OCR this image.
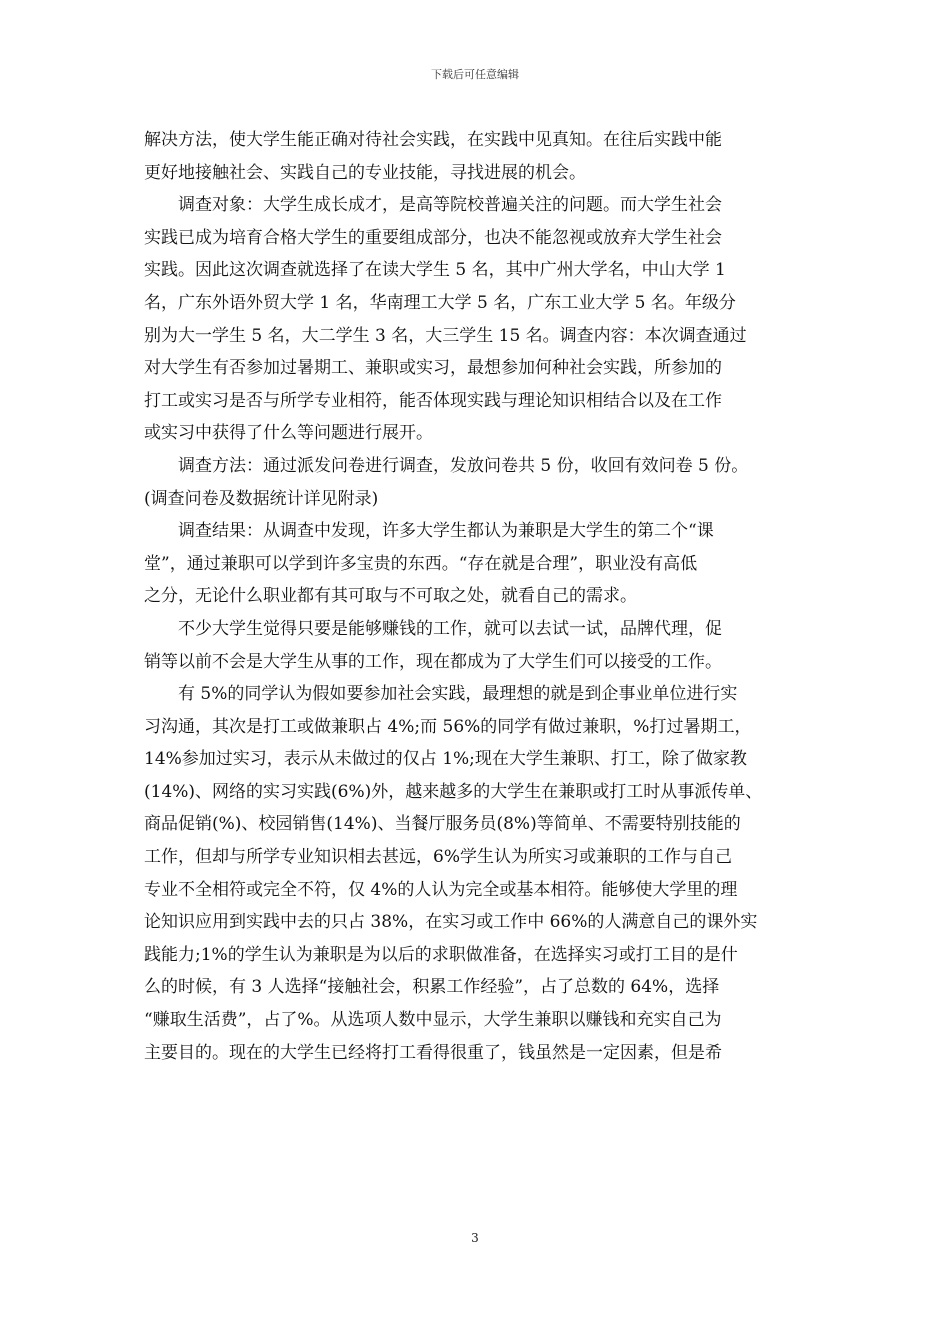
下载后可任意编辑

解决方法，使大学生能正确对待社会实践，在实践中见真知。在往后实践中能
更好地接触社会、实践自己的专业技能，寻找进展的机会。

调查对象：大学生成长成才，是高等院校普遍关注的问题。而大学生社会
实践已成为培育合格大学生的重要组成部分，也决不能忽视或放弃大学生社会
实践。因此这次调查就选择了在读大学生 5 名，其中广州大学名，中山大学 1
名，广东外语外贸大学 1 名，华南理工大学 5 名，广东工业大学 5 名。年级分
别为大一学生 5 名，大二学生 3 名，大三学生 15 名。调查内容：本次调查通过
对大学生有否参加过暑期工、兼职或实习，最想参加何种社会实践，所参加的
打工或实习是否与所学专业相符，能否体现实践与理论知识相结合以及在工作
或实习中获得了什么等问题进行展开。

调查方法：通过派发问卷进行调查，发放问卷共 5 份，收回有效问卷 5 份。
(调查问卷及数据统计详见附录)

调查结果：从调查中发现，许多大学生都认为兼职是大学生的第二个“课
堂”，通过兼职可以学到许多宝贵的东西。“存在就是合理”，职业没有高低
之分，无论什么职业都有其可取与不可取之处，就看自己的需求。

不少大学生觉得只要是能够赚钱的工作，就可以去试一试，品牌代理，促
销等以前不会是大学生从事的工作，现在都成为了大学生们可以接受的工作。

有 5%的同学认为假如要参加社会实践，最理想的就是到企事业单位进行实
习沟通，其次是打工或做兼职占 4%;而 56%的同学有做过兼职，%打过暑期工，
14%参加过实习，表示从未做过的仅占 1%;现在大学生兼职、打工，除了做家教
(14%)、网络的实习实践(6%)外，越来越多的大学生在兼职或打工时从事派传单、
商品促销(%)、校园销售(14%)、当餐厅服务员(8%)等简单、不需要特别技能的
工作，但却与所学专业知识相去甚远，6%学生认为所实习或兼职的工作与自己
专业不全相符或完全不符，仅 4%的人认为完全或基本相符。能够使大学里的理
论知识应用到实践中去的只占 38%，在实习或工作中 66%的人满意自己的课外实
践能力;1%的学生认为兼职是为以后的求职做准备，在选择实习或打工目的是什
么的时候，有 3 人选择“接触社会，积累工作经验”，占了总数的 64%，选择
“赚取生活费”，占了%。从选项人数中显示，大学生兼职以赚钱和充实自己为
主要目的。现在的大学生已经将打工看得很重了，钱虽然是一定因素，但是希

3
